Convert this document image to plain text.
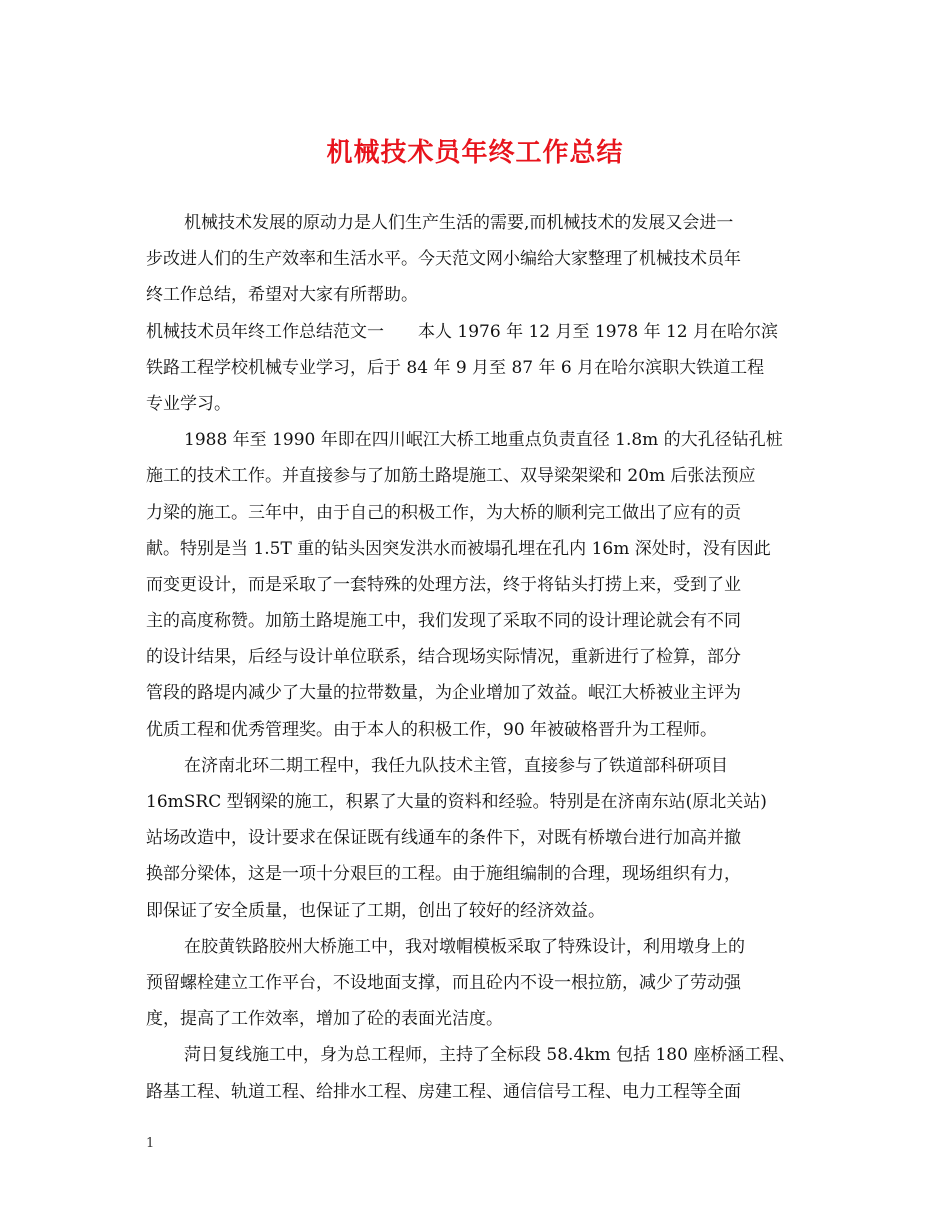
机械技术员年终工作总结
机械技术发展的原动力是人们生产生活的需要,而机械技术的发展又会进一
步改进人们的生产效率和生活水平。今天范文网小编给大家整理了机械技术员年
终工作总结，希望对大家有所帮助。
机械技术员年终工作总结范文一　　本人 1976 年 12 月至 1978 年 12 月在哈尔滨
铁路工程学校机械专业学习，后于 84 年 9 月至 87 年 6 月在哈尔滨职大铁道工程
专业学习。
1988 年至 1990 年即在四川岷江大桥工地重点负责直径 1.8m 的大孔径钻孔桩
施工的技术工作。并直接参与了加筋土路堤施工、双导梁架梁和 20m 后张法预应
力梁的施工。三年中，由于自己的积极工作，为大桥的顺利完工做出了应有的贡
献。特别是当 1.5T 重的钻头因突发洪水而被塌孔埋在孔内 16m 深处时，没有因此
而变更设计，而是采取了一套特殊的处理方法，终于将钻头打捞上来，受到了业
主的高度称赞。加筋土路堤施工中，我们发现了采取不同的设计理论就会有不同
的设计结果，后经与设计单位联系，结合现场实际情况，重新进行了检算，部分
管段的路堤内减少了大量的拉带数量，为企业增加了效益。岷江大桥被业主评为
优质工程和优秀管理奖。由于本人的积极工作，90 年被破格晋升为工程师。
在济南北环二期工程中，我任九队技术主管，直接参与了铁道部科研项目
16mSRC 型钢梁的施工，积累了大量的资料和经验。特别是在济南东站(原北关站)
站场改造中，设计要求在保证既有线通车的条件下，对既有桥墩台进行加高并撤
换部分梁体，这是一项十分艰巨的工程。由于施组编制的合理，现场组织有力，
即保证了安全质量，也保证了工期，创出了较好的经济效益。
在胶黄铁路胶州大桥施工中，我对墩帽模板采取了特殊设计，利用墩身上的
预留螺栓建立工作平台，不设地面支撑，而且砼内不设一根拉筋，减少了劳动强
度，提高了工作效率，增加了砼的表面光洁度。
菏日复线施工中，身为总工程师，主持了全标段 58.4km 包括 180 座桥涵工程、
路基工程、轨道工程、给排水工程、房建工程、通信信号工程、电力工程等全面
1
